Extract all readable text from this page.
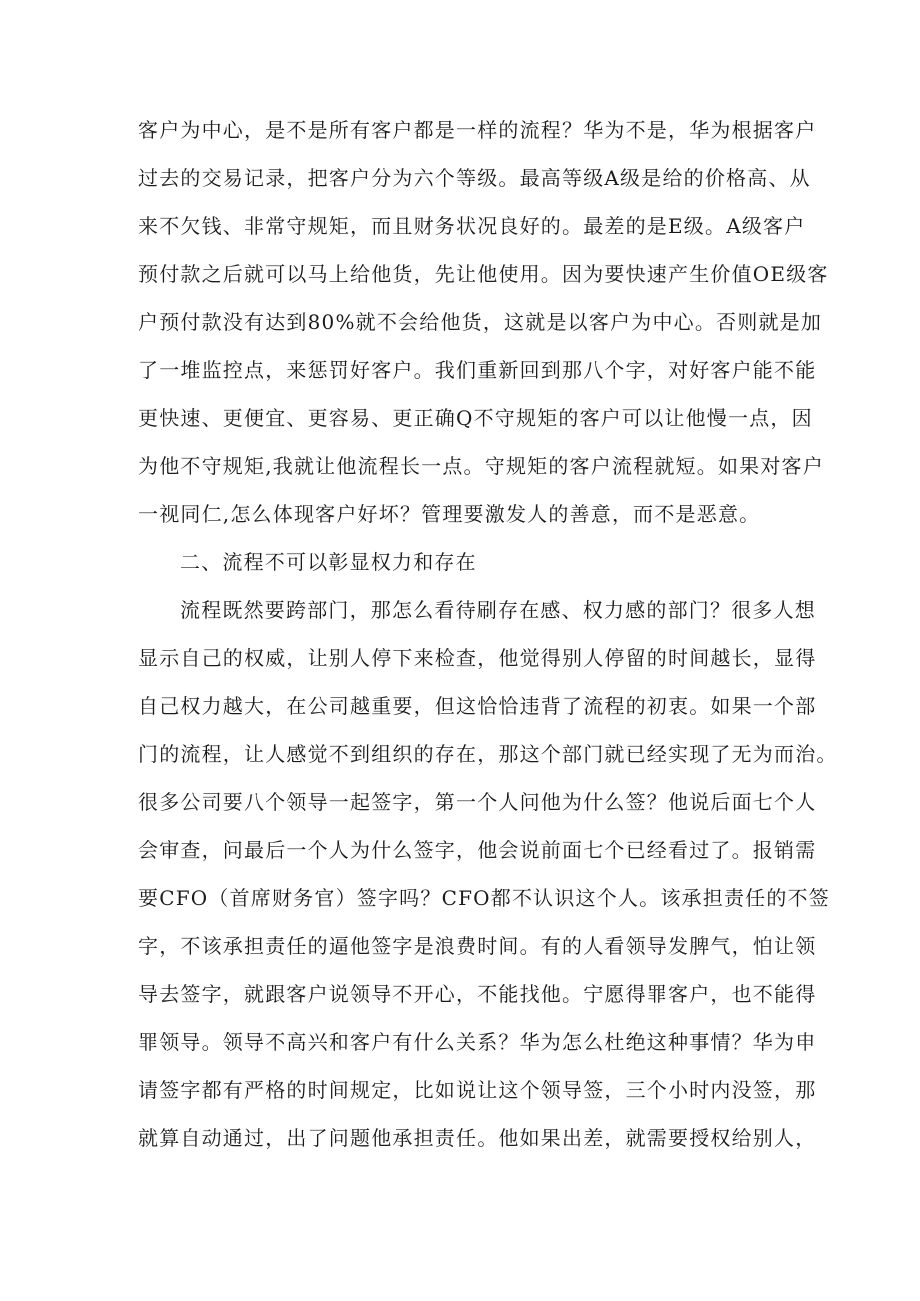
客户为中心，是不是所有客户都是一样的流程？华为不是，华为根据客户
过去的交易记录，把客户分为六个等级。最高等级A级是给的价格高、从
来不欠钱、非常守规矩，而且财务状况良好的。最差的是E级。A级客户
预付款之后就可以马上给他货，先让他使用。因为要快速产生价值OE级客
户预付款没有达到80%就不会给他货，这就是以客户为中心。否则就是加
了一堆监控点，来惩罚好客户。我们重新回到那八个字，对好客户能不能
更快速、更便宜、更容易、更正确Q不守规矩的客户可以让他慢一点，因
为他不守规矩,我就让他流程长一点。守规矩的客户流程就短。如果对客户
一视同仁,怎么体现客户好坏？管理要激发人的善意，而不是恶意。
二、流程不可以彰显权力和存在
流程既然要跨部门，那怎么看待刷存在感、权力感的部门？很多人想
显示自己的权威，让别人停下来检查，他觉得别人停留的时间越长，显得
自己权力越大，在公司越重要，但这恰恰违背了流程的初衷。如果一个部
门的流程，让人感觉不到组织的存在，那这个部门就已经实现了无为而治。
很多公司要八个领导一起签字，第一个人问他为什么签？他说后面七个人
会审查，问最后一个人为什么签字，他会说前面七个已经看过了。报销需
要CFO（首席财务官）签字吗？CFO都不认识这个人。该承担责任的不签
字，不该承担责任的逼他签字是浪费时间。有的人看领导发脾气，怕让领
导去签字，就跟客户说领导不开心，不能找他。宁愿得罪客户，也不能得
罪领导。领导不高兴和客户有什么关系？华为怎么杜绝这种事情？华为申
请签字都有严格的时间规定，比如说让这个领导签，三个小时内没签，那
就算自动通过，出了问题他承担责任。他如果出差，就需要授权给别人，
